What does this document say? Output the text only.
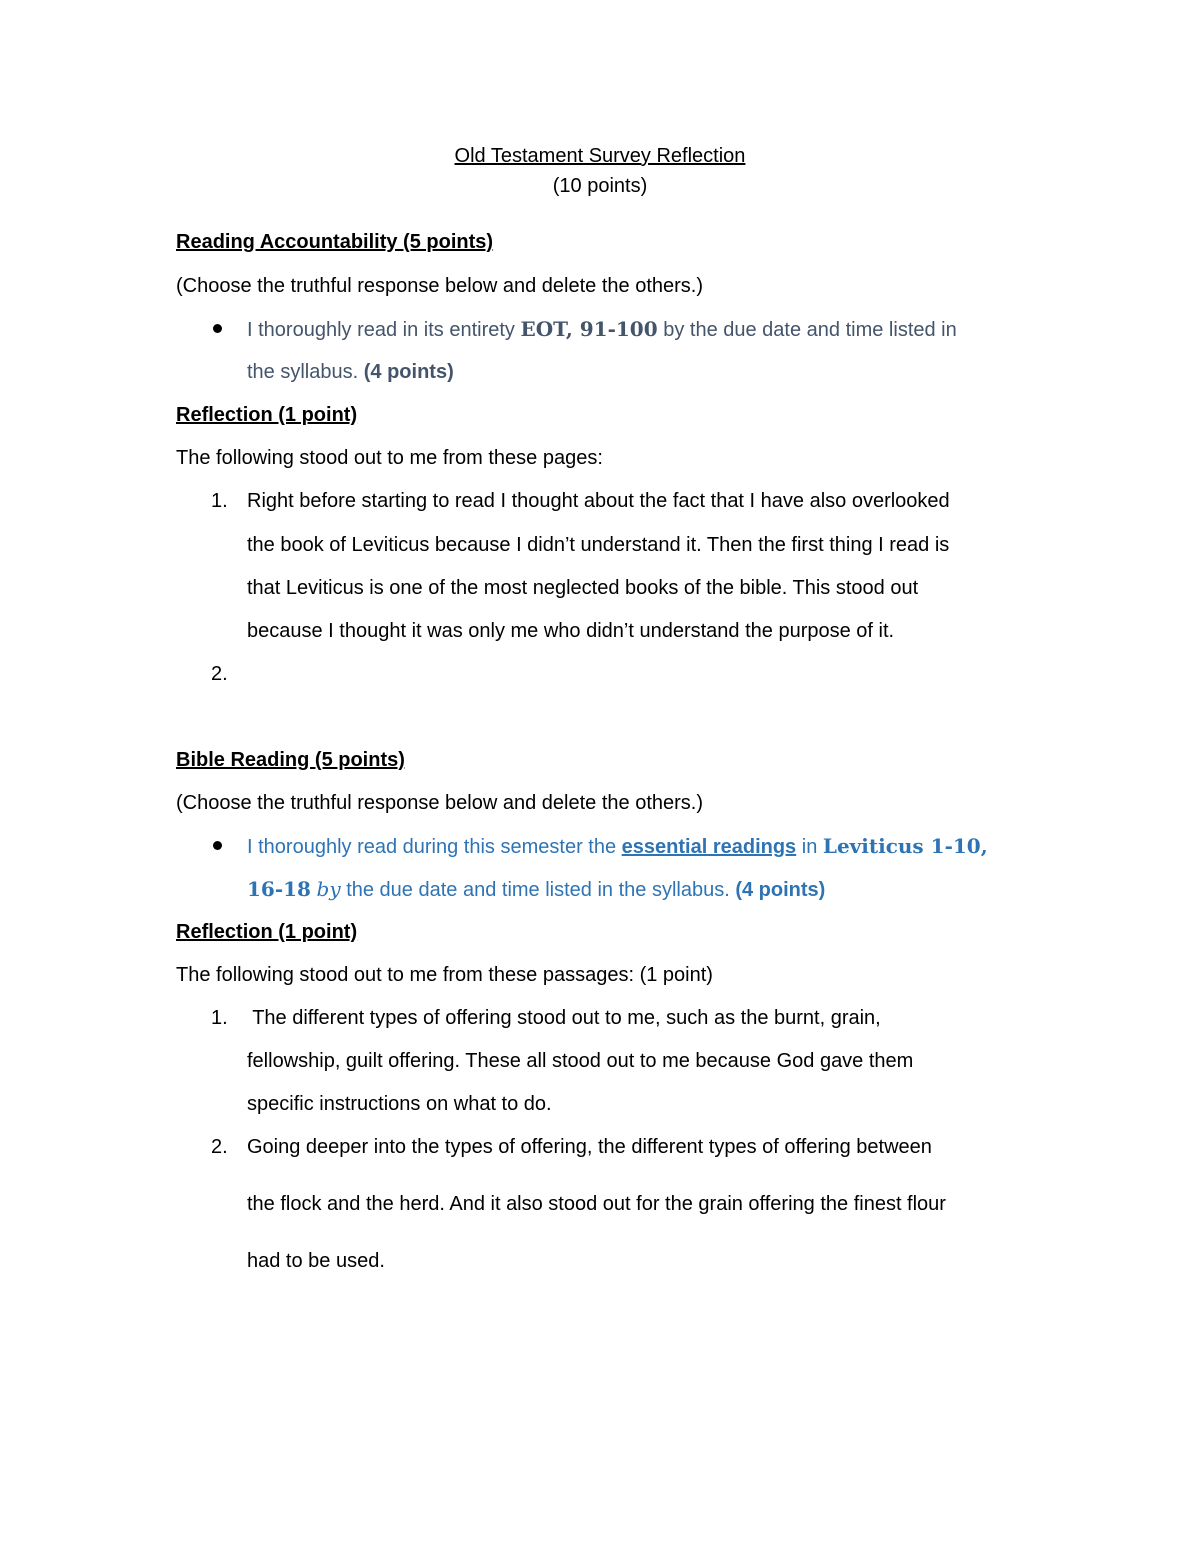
Old Testament Survey Reflection
(10 points)
Reading Accountability (5 points)
(Choose the truthful response below and delete the others.)
I thoroughly read in its entirety EOT, 91-100 by the due date and time listed in
the syllabus. (4 points)
Reflection (1 point)
The following stood out to me from these pages:
1. Right before starting to read I thought about the fact that I have also overlooked
the book of Leviticus because I didn’t understand it. Then the first thing I read is
that Leviticus is one of the most neglected books of the bible. This stood out
because I thought it was only me who didn’t understand the purpose of it.
2.
Bible Reading (5 points)
(Choose the truthful response below and delete the others.)
I thoroughly read during this semester the essential readings in Leviticus 1-10,
16-18 by the due date and time listed in the syllabus. (4 points)
Reflection (1 point)
The following stood out to me from these passages: (1 point)
1. The different types of offering stood out to me, such as the burnt, grain,
fellowship, guilt offering. These all stood out to me because God gave them
specific instructions on what to do.
2. Going deeper into the types of offering, the different types of offering between
the flock and the herd. And it also stood out for the grain offering the finest flour
had to be used.
